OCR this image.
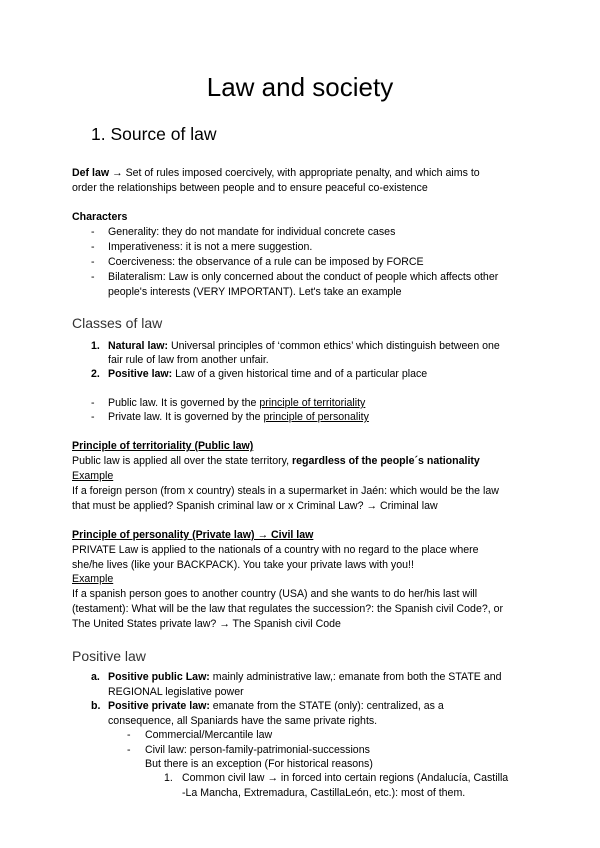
Law and society
1. Source of law
Def law → Set of rules imposed coercively, with appropriate penalty, and which aims to
order the relationships between people and to ensure peaceful co-existence
Characters
- Generality: they do not mandate for individual concrete cases
- Imperativeness: it is not a mere suggestion.
- Coerciveness: the observance of a rule can be imposed by FORCE
- Bilateralism: Law is only concerned about the conduct of people which affects other
people's interests (VERY IMPORTANT). Let's take an example
Classes of law
1. Natural law: Universal principles of ‘common ethics’ which distinguish between one
fair rule of law from another unfair.
2. Positive law: Law of a given historical time and of a particular place
- Public law. It is governed by the principle of territoriality
- Private law. It is governed by the principle of personality
Principle of territoriality (Public law)
Public law is applied all over the state territory, regardless of the people´s nationality
Example
If a foreign person (from x country) steals in a supermarket in Jaén: which would be the law
that must be applied? Spanish criminal law or x Criminal Law? → Criminal law
Principle of personality (Private law) → Civil law
PRIVATE Law is applied to the nationals of a country with no regard to the place where
she/he lives (like your BACKPACK). You take your private laws with you!!
Example
If a spanish person goes to another country (USA) and she wants to do her/his last will
(testament): What will be the law that regulates the succession?: the Spanish civil Code?, or
The United States private law? → The Spanish civil Code
Positive law
a. Positive public Law: mainly administrative law,: emanate from both the STATE and
REGIONAL legislative power
b. Positive private law: emanate from the STATE (only): centralized, as a
consequence, all Spaniards have the same private rights.
- Commercial/Mercantile law
- Civil law: person-family-patrimonial-successions
But there is an exception (For historical reasons)
1. Common civil law → in forced into certain regions (Andalucía, Castilla
-La Mancha, Extremadura, CastillaLeón, etc.): most of them.
